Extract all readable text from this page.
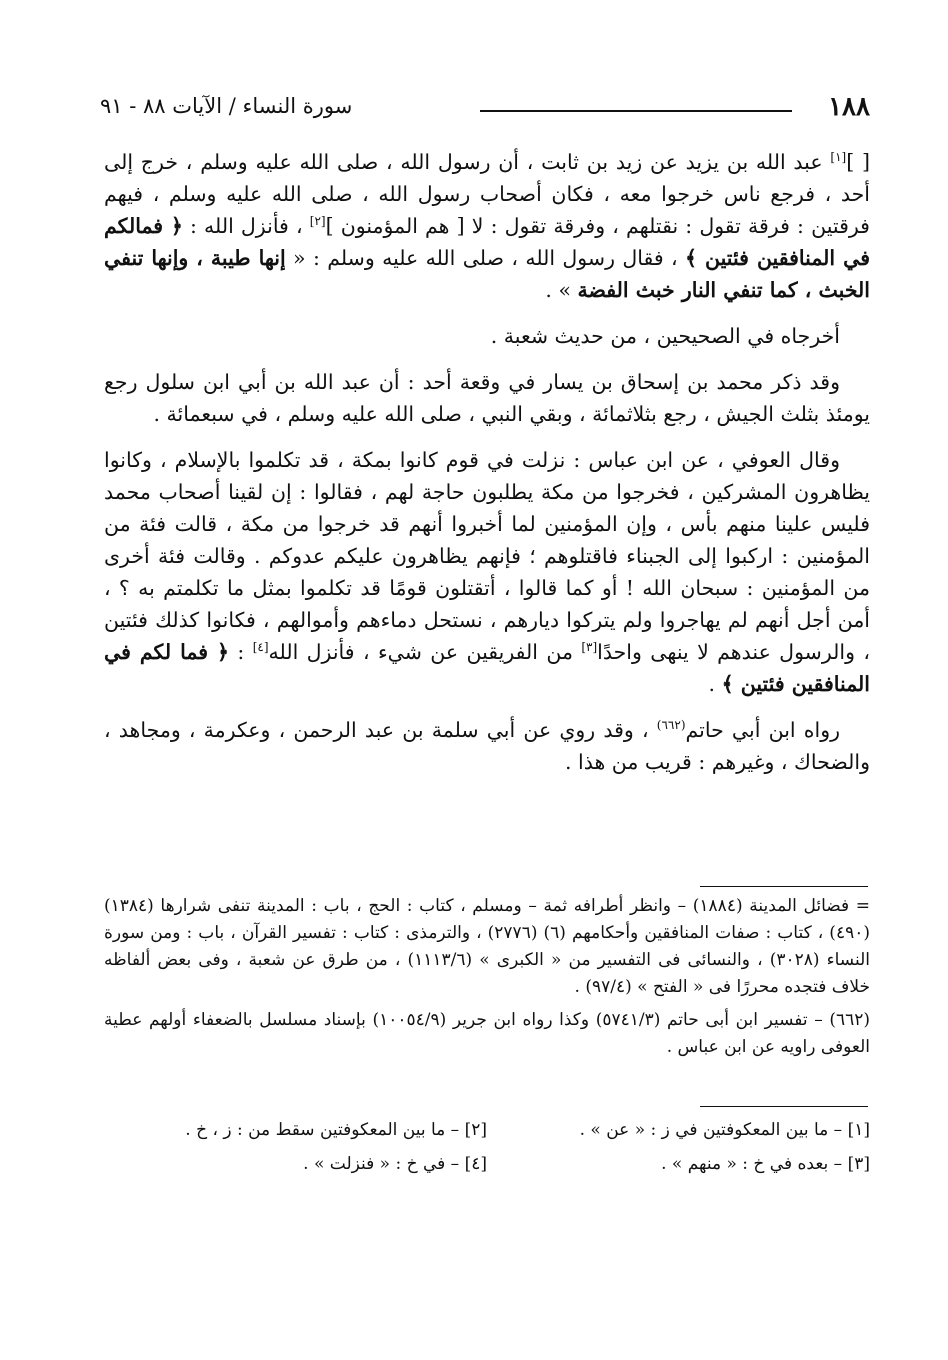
١٨٨
سورة النساء / الآيات ٨٨ - ٩١

[ ][١] عبد الله بن يزيد عن زيد بن ثابت ، أن رسول الله ، صلى الله عليه وسلم ، خرج إلى أحد ، فرجع ناس خرجوا معه ، فكان أصحاب رسول الله ، صلى الله عليه وسلم ، فيهم فرقتين : فرقة تقول : نقتلهم ، وفرقة تقول : لا [ هم المؤمنون ][٢] ، فأنزل الله : ﴿ فمالكم في المنافقين فئتين ﴾ ، فقال رسول الله ، صلى الله عليه وسلم : « إنها طيبة ، وإنها تنفي الخبث ، كما تنفي النار خبث الفضة » .

أخرجاه في الصحيحين ، من حديث شعبة .

وقد ذكر محمد بن إسحاق بن يسار في وقعة أحد : أن عبد الله بن أبي ابن سلول رجع يومئذ بثلث الجيش ، رجع بثلاثمائة ، وبقي النبي ، صلى الله عليه وسلم ، في سبعمائة .

وقال العوفي ، عن ابن عباس : نزلت في قوم كانوا بمكة ، قد تكلموا بالإسلام ، وكانوا يظاهرون المشركين ، فخرجوا من مكة يطلبون حاجة لهم ، فقالوا : إن لقينا أصحاب محمد فليس علينا منهم بأس ، وإن المؤمنين لما أخبروا أنهم قد خرجوا من مكة ، قالت فئة من المؤمنين : اركبوا إلى الجبناء فاقتلوهم ؛ فإنهم يظاهرون عليكم عدوكم . وقالت فئة أخرى من المؤمنين : سبحان الله ! أو كما قالوا ، أتقتلون قومًا قد تكلموا بمثل ما تكلمتم به ؟ ، أمن أجل أنهم لم يهاجروا ولم يتركوا ديارهم ، نستحل دماءهم وأموالهم ، فكانوا كذلك فئتين ، والرسول عندهم لا ينهى واحدًا[٣] من الفريقين عن شيء ، فأنزل الله[٤] : ﴿ فما لكم في المنافقين فئتين ﴾ .

رواه ابن أبي حاتم$^{(٦٦٢)}$ ، وقد روي عن أبي سلمة بن عبد الرحمن ، وعكرمة ، ومجاهد ، والضحاك ، وغيرهم : قريب من هذا .

= فضائل المدينة (١٨٨٤) – وانظر أطرافه ثمة – ومسلم ، كتاب : الحج ، باب : المدينة تنفى شرارها (١٣٨٤) (٤٩٠) ، كتاب : صفات المنافقين وأحكامهم (٦) (٢٧٧٦) ، والترمذى : كتاب : تفسير القرآن ، باب : ومن سورة النساء (٣٠٢٨) ، والنسائى فى التفسير من « الكبرى » (١١١٣/٦) ، من طرق عن شعبة ، وفى بعض ألفاظه خلاف فتجده محررًا فى « الفتح » (٩٧/٤) .

(٦٦٢) – تفسير ابن أبى حاتم (٥٧٤١/٣) وكذا رواه ابن جرير (١٠٠٥٤/٩) بإسناد مسلسل بالضعفاء أولهم عطية العوفى راويه عن ابن عباس .

[١] – ما بين المعكوفتين في ز : « عن » .
[٢] – ما بين المعكوفتين سقط من : ز ، خ .
[٣] – بعده في خ : « منهم » .
[٤] – في خ : « فنزلت » .
